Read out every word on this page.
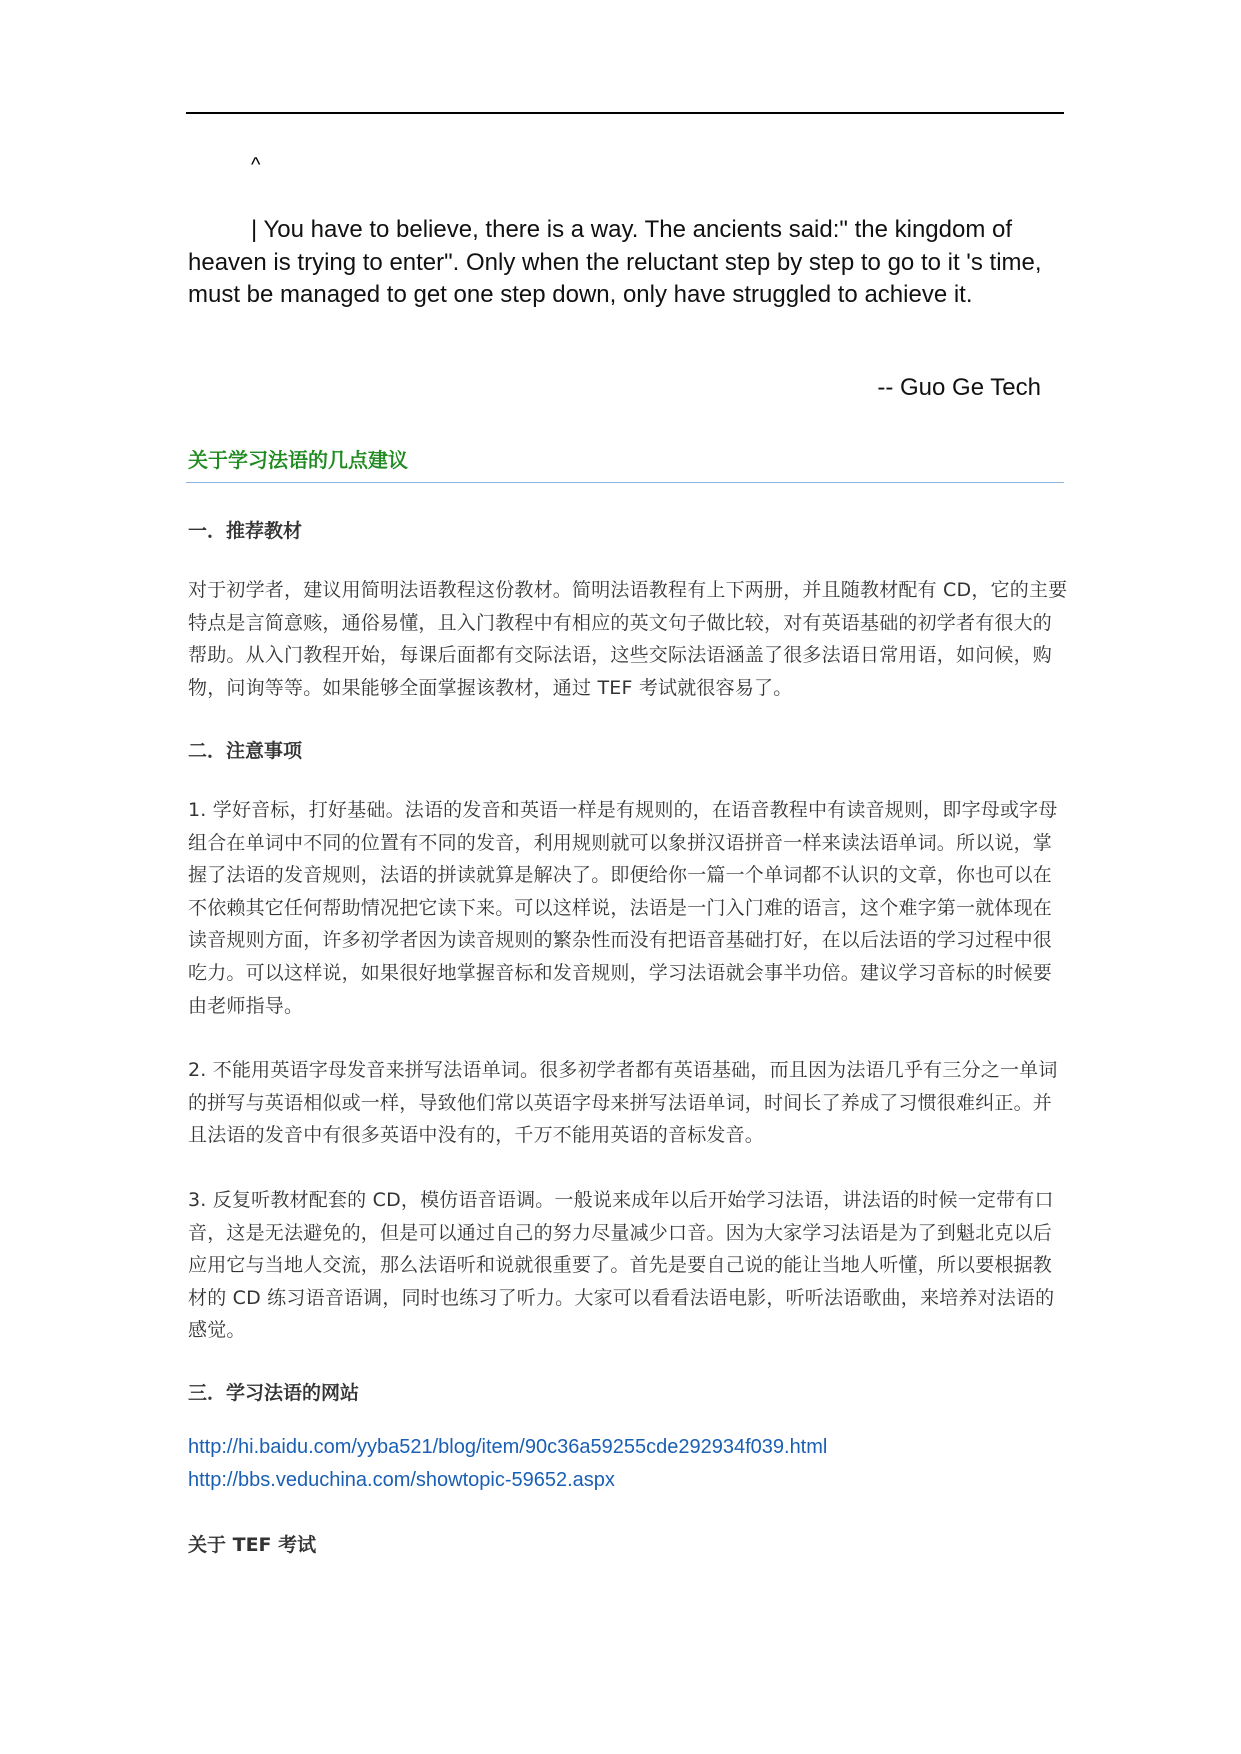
^

| You have to believe, there is a way. The ancients said:" the kingdom of heaven is trying to enter". Only when the reluctant step by step to go to it 's time, must be managed to get one step down, only have struggled to achieve it.

-- Guo Ge Tech
关于学习法语的几点建议
一．推荐教材

对于初学者，建议用简明法语教程这份教材。简明法语教程有上下两册，并且随教材配有 CD，它的主要特点是言简意赅，通俗易懂，且入门教程中有相应的英文句子做比较，对有英语基础的初学者有很大的帮助。从入门教程开始，每课后面都有交际法语，这些交际法语涵盖了很多法语日常用语，如问候，购物，问询等等。如果能够全面掌握该教材，通过 TEF 考试就很容易了。

二．注意事项

1. 学好音标，打好基础。法语的发音和英语一样是有规则的，在语音教程中有读音规则，即字母或字母组合在单词中不同的位置有不同的发音，利用规则就可以象拼汉语拼音一样来读法语单词。所以说，掌握了法语的发音规则，法语的拼读就算是解决了。即便给你一篇一个单词都不认识的文章，你也可以在不依赖其它任何帮助情况把它读下来。可以这样说，法语是一门入门难的语言，这个难字第一就体现在读音规则方面，许多初学者因为读音规则的繁杂性而没有把语音基础打好，在以后法语的学习过程中很吃力。可以这样说，如果很好地掌握音标和发音规则，学习法语就会事半功倍。建议学习音标的时候要由老师指导。

2. 不能用英语字母发音来拼写法语单词。很多初学者都有英语基础，而且因为法语几乎有三分之一单词的拼写与英语相似或一样，导致他们常以英语字母来拼写法语单词，时间长了养成了习惯很难纠正。并且法语的发音中有很多英语中没有的，千万不能用英语的音标发音。

3. 反复听教材配套的 CD，模仿语音语调。一般说来成年以后开始学习法语，讲法语的时候一定带有口音，这是无法避免的，但是可以通过自己的努力尽量减少口音。因为大家学习法语是为了到魁北克以后应用它与当地人交流，那么法语听和说就很重要了。首先是要自己说的能让当地人听懂，所以要根据教材的 CD 练习语音语调，同时也练习了听力。大家可以看看法语电影，听听法语歌曲，来培养对法语的感觉。

三．学习法语的网站
http://hi.baidu.com/yyba521/blog/item/90c36a59255cde292934f039.html
http://bbs.veduchina.com/showtopic-59652.aspx
关于 TEF 考试
